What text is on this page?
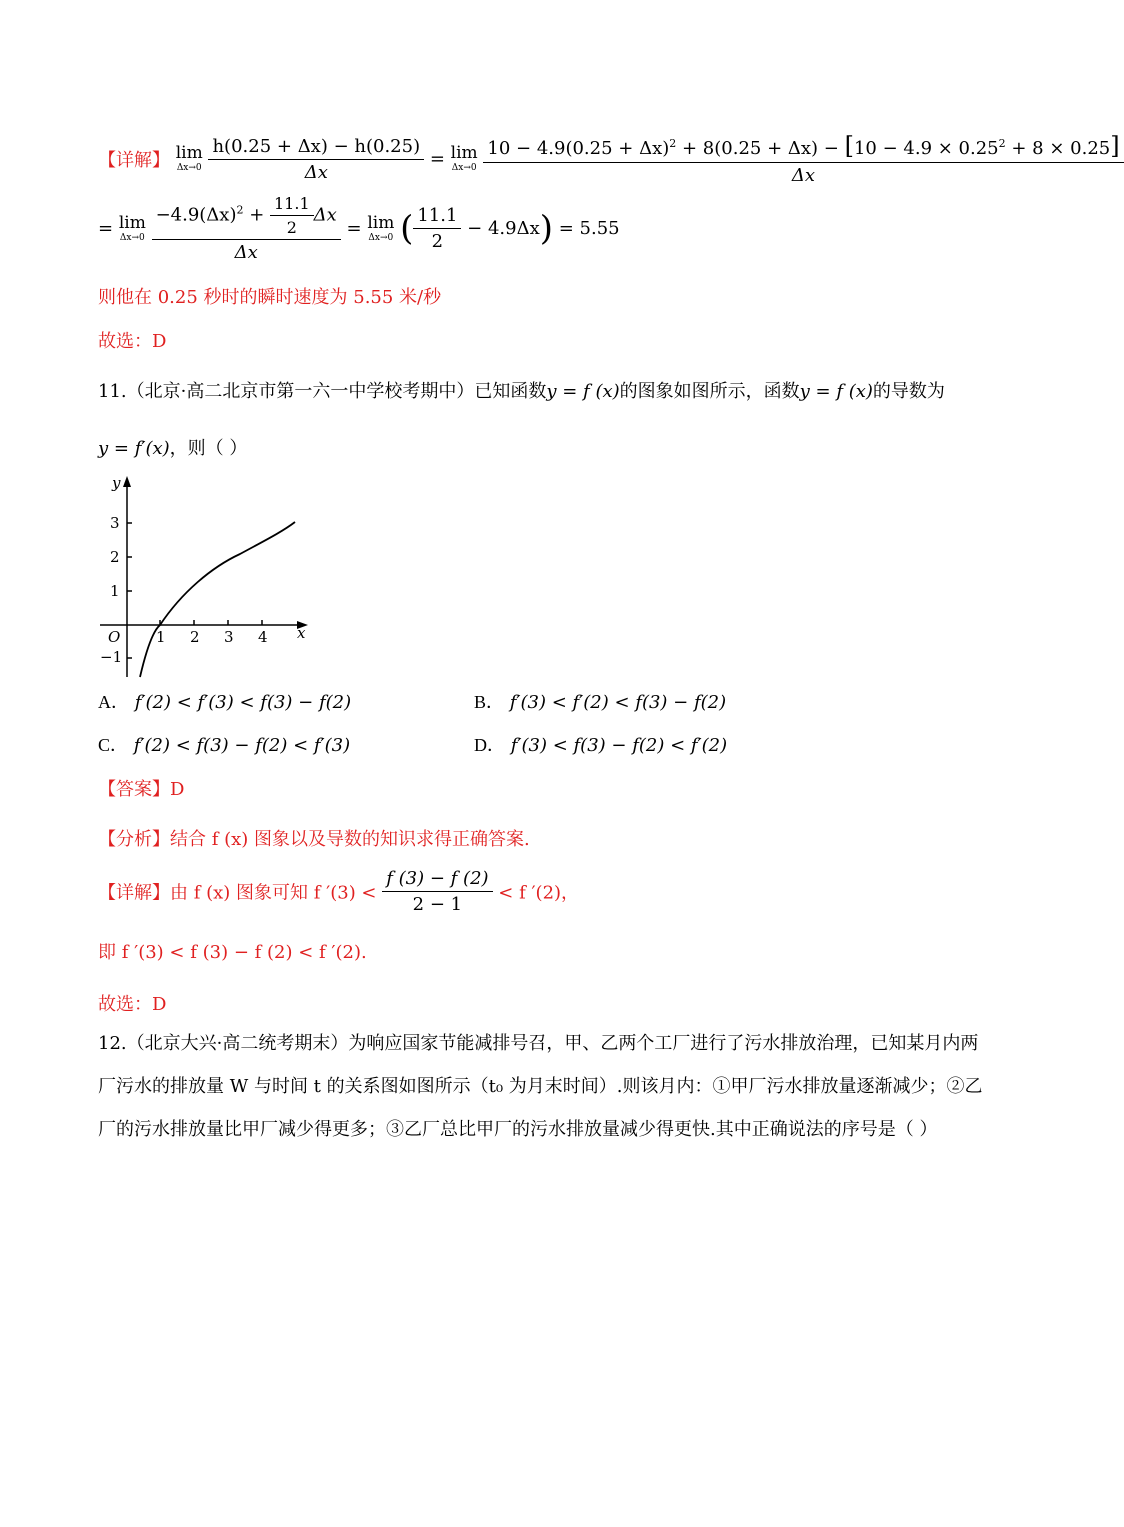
【详解】 lim
Δx→0
$\frac{h(0.25 + \Delta x) - h(0.25)}{\Delta x} = \lim$
Δx→0

$10 - 4.9(0.25 + \Delta x)^2 + 8(0.25 + \Delta x) - [10 - 4.9 \times 0.25^2 + 8 \times 0.25]$
Δx
= lim
Δx→0
$\frac{-4.9(\Delta x)^2 + \frac{11.1}{2} \Delta x}{\Delta x} = \lim$
Δx→0 ( $\frac{11.1}{2} - 4.9\Delta x) = 5.55$
则他在 0.25 秒时的瞬时速度为 5.55 米/秒
故选：D
11.（北京·高二北京市第一六一中学校考期中）已知函数y = f (x)的图象如图所示，函数y = f (x)的导数为
y = f′(x)，则（ ）
y
x
O 1 2 3 4
3
2
1
−1
A． f′(2) < f′(3) < f(3) − f(2)	B． f′(3) < f′(2) < f(3) − f(2)
C． f′(2) < f(3) − f(2) < f′(3)	D． f′(3) < f(3) − f(2) < f′(2)
【答案】D
【分析】结合 f (x) 图象以及导数的知识求得正确答案.
【详解】由 f (x) 图象可知 f $'(3) < \frac{f (3) - f (2)}{2 - 1} < f$ ′(2)，
即 f ′(3) < f (3) − f (2) < f ′(2).
故选：D
12.（北京大兴·高二统考期末）为响应国家节能减排号召，甲、乙两个工厂进行了污水排放治理，已知某月内两厂污水的排放量 W 与时间 t 的关系图如图所示（t₀ 为月末时间）.则该月内：①甲厂污水排放量逐渐减少；②乙厂的污水排放量比甲厂减少得更多；③乙厂总比甲厂的污水排放量减少得更快.其中正确说法的序号是（ ）
